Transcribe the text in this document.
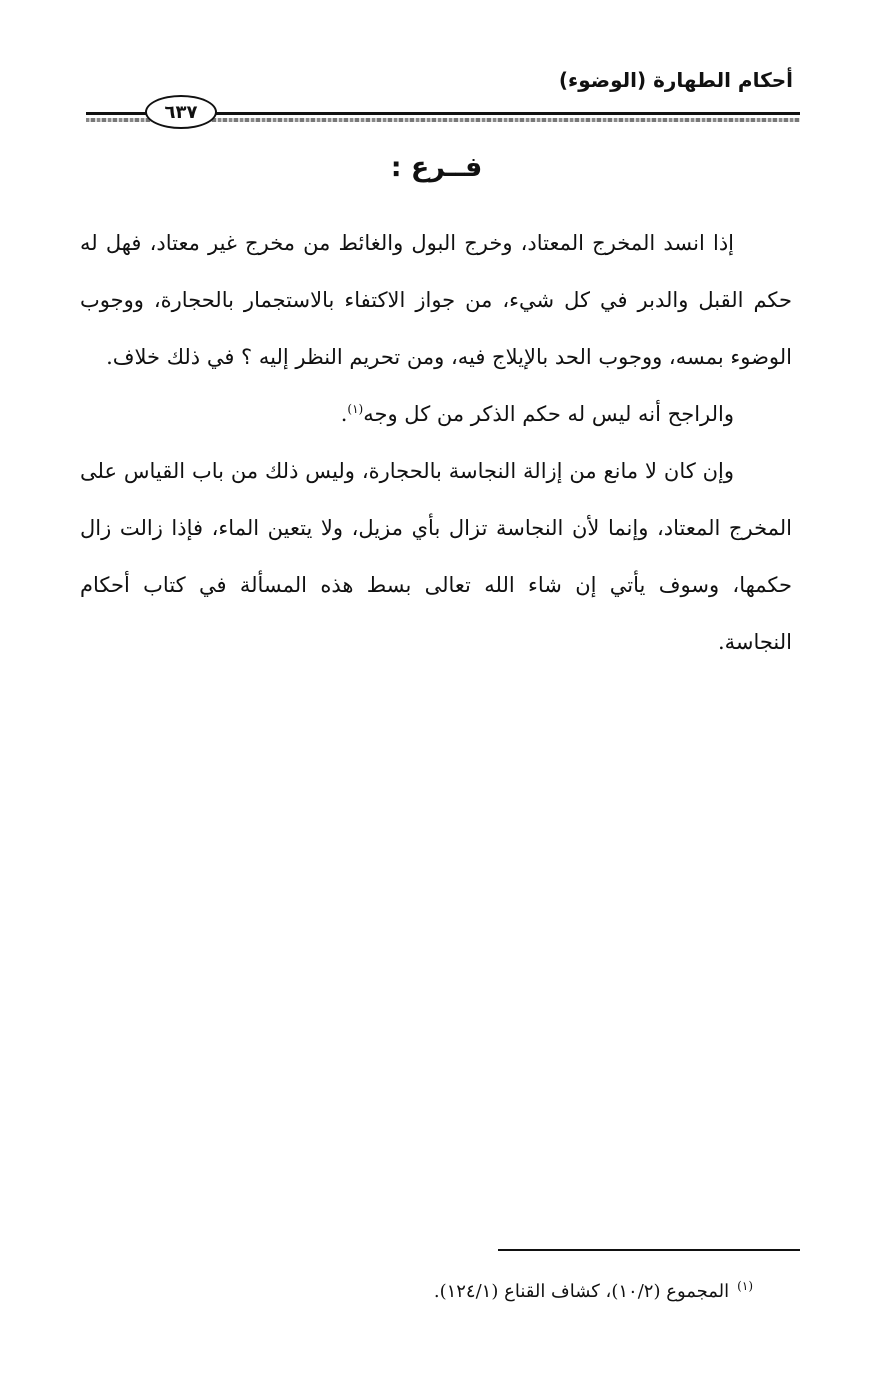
أحكام الطهارة (الوضوء)
٦٣٧
فــرع :

إذا انسد المخرج المعتاد، وخرج البول والغائط من مخرج غير معتاد، فهل له حكم القبل والدبر في كل شيء، من جواز الاكتفاء بالاستجمار بالحجارة، ووجوب الوضوء بمسه، ووجوب الحد بالإيلاج فيه، ومن تحريم النظر إليه ؟ في ذلك خلاف.

والراجح أنه ليس له حكم الذكر من كل وجه$^{(١)}$.

وإن كان لا مانع من إزالة النجاسة بالحجارة، وليس ذلك من باب القياس على المخرج المعتاد، وإنما لأن النجاسة تزال بأي مزيل، ولا يتعين الماء، فإذا زالت زال حكمها، وسوف يأتي إن شاء الله تعالى بسط هذه المسألة في كتاب أحكام النجاسة.

$^{(١)}$المجموع (١٠/٢)، كشاف القناع (١٢٤/١).
